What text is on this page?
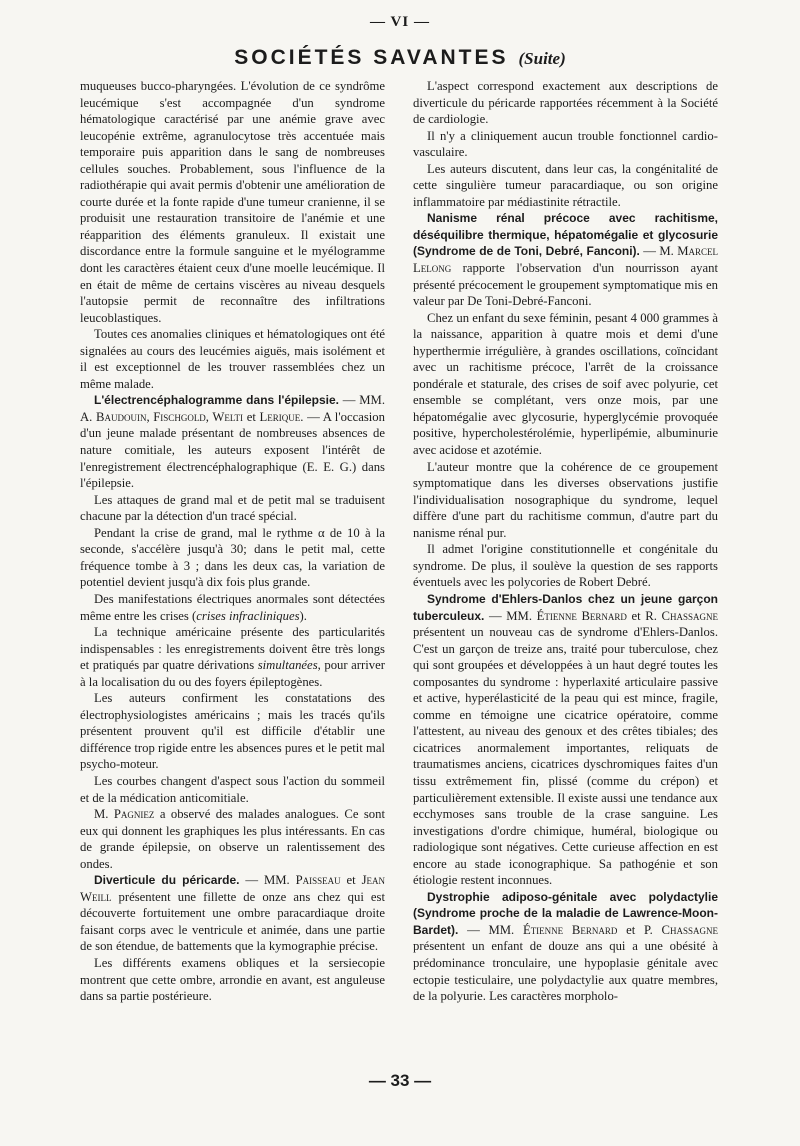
— VI —
SOCIÉTÉS SAVANTES (Suite)

muqueuses bucco-pharyngées. L'évolution de ce syndrôme leucémique s'est accompagnée d'un syndrome hématologique caractérisé par une anémie grave avec leucopénie extrême, agranulocytose très accentuée mais temporaire puis apparition dans le sang de nombreuses cellules souches. Probablement, sous l'influence de la radiothérapie qui avait permis d'obtenir une amélioration de courte durée et la fonte rapide d'une tumeur cranienne, il se produisit une restauration transitoire de l'anémie et une réapparition des éléments granuleux. Il existait une discordance entre la formule sanguine et le myélogramme dont les caractères étaient ceux d'une moelle leucémique. Il en était de même de certains viscères au niveau desquels l'autopsie permit de reconnaître des infiltrations leucoblastiques.

Toutes ces anomalies cliniques et hématologiques ont été signalées au cours des leucémies aiguës, mais isolément et il est exceptionnel de les trouver rassemblées chez un même malade.

L'électrencéphalogramme dans l'épilepsie. — MM. A. Baudouin, Fischgold, Welti et Lerique. — A l'occasion d'un jeune malade présentant de nombreuses absences de nature comitiale, les auteurs exposent l'intérêt de l'enregistrement électrencéphalographique (E. E. G.) dans l'épilepsie.

Les attaques de grand mal et de petit mal se traduisent chacune par la détection d'un tracé spécial.

Pendant la crise de grand, mal le rythme α de 10 à la seconde, s'accélère jusqu'à 30; dans le petit mal, cette fréquence tombe à 3 ; dans les deux cas, la variation de potentiel devient jusqu'à dix fois plus grande.

Des manifestations électriques anormales sont détectées même entre les crises (crises infracliniques).

La technique américaine présente des particularités indispensables : les enregistrements doivent être très longs et pratiqués par quatre dérivations simultanées, pour arriver à la localisation du ou des foyers épileptogènes.

Les auteurs confirment les constatations des électrophysiologistes américains ; mais les tracés qu'ils présentent prouvent qu'il est difficile d'établir une différence trop rigide entre les absences pures et le petit mal psycho-moteur.

Les courbes changent d'aspect sous l'action du sommeil et de la médication anticomitiale.

M. Pagniez a observé des malades analogues. Ce sont eux qui donnent les graphiques les plus intéressants. En cas de grande épilepsie, on observe un ralentissement des ondes.

Diverticule du péricarde. — MM. Paisseau et Jean Weill présentent une fillette de onze ans chez qui est découverte fortuitement une ombre paracardiaque droite faisant corps avec le ventricule et animée, dans une partie de son étendue, de battements que la kymographie précise.

Les différents examens obliques et la sersiecopie montrent que cette ombre, arrondie en avant, est anguleuse dans sa partie postérieure.

L'aspect correspond exactement aux descriptions de diverticule du péricarde rapportées récemment à la Société de cardiologie.

Il n'y a cliniquement aucun trouble fonctionnel cardio-vasculaire.

Les auteurs discutent, dans leur cas, la congénitalité de cette singulière tumeur paracardiaque, ou son origine inflammatoire par médiastinite rétractile.

Nanisme rénal précoce avec rachitisme, déséquilibre thermique, hépatomégalie et glycosurie (Syndrome de de Toni, Debré, Fanconi). — M. Marcel Lelong rapporte l'observation d'un nourrisson ayant présenté précocement le groupement symptomatique mis en valeur par De Toni-Debré-Fanconi.

Chez un enfant du sexe féminin, pesant 4 000 grammes à la naissance, apparition à quatre mois et demi d'une hyperthermie irrégulière, à grandes oscillations, coïncidant avec un rachitisme précoce, l'arrêt de la croissance pondérale et staturale, des crises de soif avec polyurie, cet ensemble se complétant, vers onze mois, par une hépatomégalie avec glycosurie, hyperglycémie provoquée positive, hypercholestérolémie, hyperlipémie, albuminurie avec acidose et azotémie.

L'auteur montre que la cohérence de ce groupement symptomatique dans les diverses observations justifie l'individualisation nosographique du syndrome, lequel diffère d'une part du rachitisme commun, d'autre part du nanisme rénal pur.

Il admet l'origine constitutionnelle et congénitale du syndrome. De plus, il soulève la question de ses rapports éventuels avec les polycories de Robert Debré.

Syndrome d'Ehlers-Danlos chez un jeune garçon tuberculeux. — MM. Étienne Bernard et R. Chassagne présentent un nouveau cas de syndrome d'Ehlers-Danlos. C'est un garçon de treize ans, traité pour tuberculose, chez qui sont groupées et développées à un haut degré toutes les composantes du syndrome : hyperlaxité articulaire passive et active, hyperélasticité de la peau qui est mince, fragile, comme en témoigne une cicatrice opératoire, comme l'attestent, au niveau des genoux et des crêtes tibiales; des cicatrices anormalement importantes, reliquats de traumatismes anciens, cicatrices dyschromiques faites d'un tissu extrêmement fin, plissé (comme du crépon) et particulièrement extensible. Il existe aussi une tendance aux ecchymoses sans trouble de la crase sanguine. Les investigations d'ordre chimique, huméral, biologique ou radiologique sont négatives. Cette curieuse affection en est encore au stade iconographique. Sa pathogénie et son étiologie restent inconnues.

Dystrophie adiposo-génitale avec polydactylie (Syndrome proche de la maladie de Lawrence-Moon-Bardet). — MM. Étienne Bernard et P. Chassagne présentent un enfant de douze ans qui a une obésité à prédominance tronculaire, une hypoplasie génitale avec ectopie testiculaire, une polydactylie aux quatre membres, de la polyurie. Les caractères morpholo-

— 33 —
